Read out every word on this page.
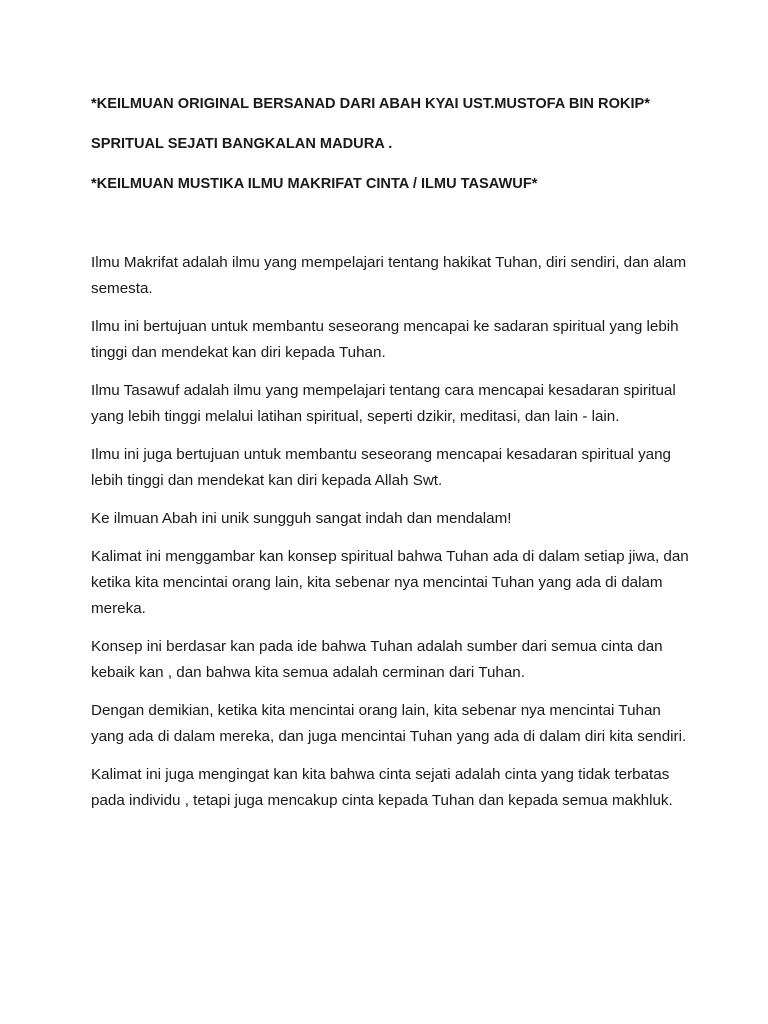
*KEILMUAN ORIGINAL BERSANAD DARI ABAH KYAI UST.MUSTOFA BIN ROKIP*

SPRITUAL SEJATI BANGKALAN MADURA .

*KEILMUAN MUSTIKA ILMU MAKRIFAT CINTA / ILMU TASAWUF*

Ilmu Makrifat adalah ilmu yang mempelajari tentang hakikat Tuhan, diri sendiri, dan alam semesta.

Ilmu ini bertujuan untuk membantu seseorang mencapai ke sadaran spiritual yang lebih tinggi dan mendekat kan diri kepada Tuhan.

Ilmu Tasawuf adalah ilmu yang mempelajari tentang cara mencapai kesadaran spiritual yang lebih tinggi melalui latihan spiritual, seperti dzikir, meditasi, dan lain - lain.

Ilmu ini juga bertujuan untuk membantu seseorang mencapai kesadaran spiritual yang lebih tinggi dan mendekat kan diri kepada Allah Swt.

Ke ilmuan Abah ini unik sungguh sangat indah dan mendalam!

Kalimat ini menggambar kan konsep spiritual bahwa Tuhan ada di dalam setiap jiwa, dan ketika kita mencintai orang lain, kita sebenar nya mencintai Tuhan yang ada di dalam mereka.

Konsep ini berdasar kan pada ide bahwa Tuhan adalah sumber dari semua cinta dan kebaik kan , dan bahwa kita semua adalah cerminan dari Tuhan.

Dengan demikian, ketika kita mencintai orang lain, kita sebenar nya mencintai Tuhan yang ada di dalam mereka, dan juga mencintai Tuhan yang ada di dalam diri kita sendiri.

Kalimat ini juga mengingat kan kita bahwa cinta sejati adalah cinta yang tidak terbatas pada individu , tetapi juga mencakup cinta kepada Tuhan dan kepada semua makhluk.
